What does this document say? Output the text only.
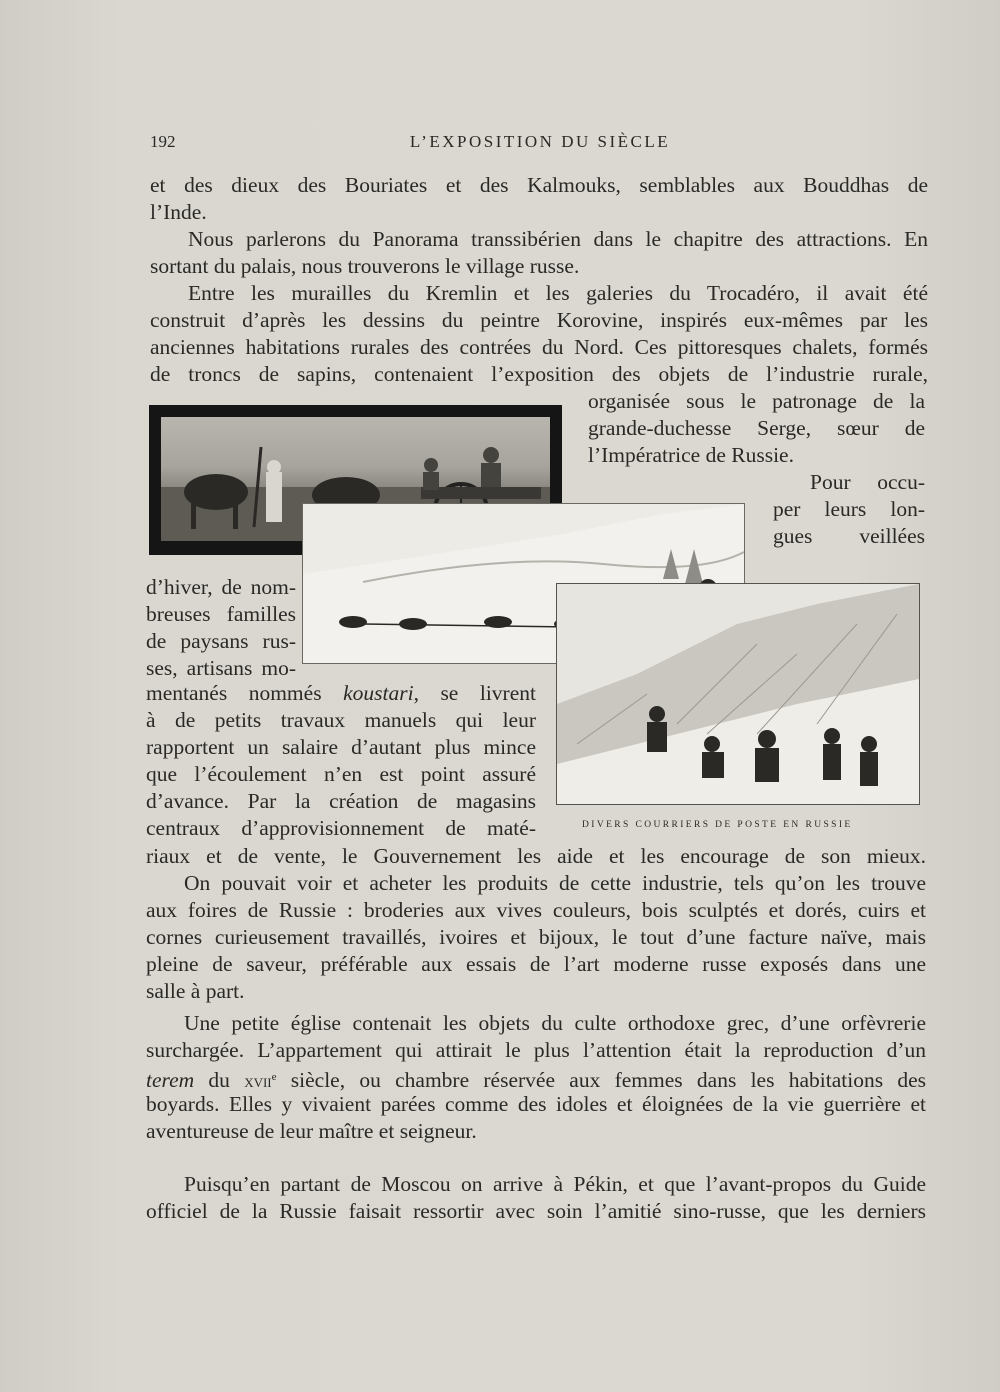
192	L’EXPOSITION DU SIÈCLE
et des dieux des Bouriates et des Kalmouks, semblables aux Bouddhas de
l’Inde.
Nous parlerons du Panorama transsibérien dans le chapitre des attractions. En
sortant du palais, nous trouverons le village russe.
Entre les murailles du Kremlin et les galeries du Trocadéro, il avait été
construit d’après les dessins du peintre Korovine, inspirés eux-mêmes par les
anciennes habitations rurales des contrées du Nord. Ces pittoresques chalets, formés
de troncs de sapins, contenaient l’exposition des objets de l’industrie rurale,
organisée sous le patronage de la
grande-duchesse Serge, sœur de
l’Impératrice de Russie.
Pour occu-
per leurs lon-
gues veillées
d’hiver, de nom-
breuses familles
de paysans rus-
ses, artisans mo-
mentanés nommés koustari, se livrent
à de petits travaux manuels qui leur
rapportent un salaire d’autant plus mince
que l’écoulement n’en est point assuré
d’avance. Par la création de magasins
centraux d’approvisionnement de maté-
riaux et de vente, le Gouvernement les aide et les encourage de son mieux.
On pouvait voir et acheter les produits de cette industrie, tels qu’on les trouve
aux foires de Russie : broderies aux vives couleurs, bois sculptés et dorés, cuirs et
cornes curieusement travaillés, ivoires et bijoux, le tout d’une facture naïve, mais
pleine de saveur, préférable aux essais de l’art moderne russe exposés dans une
salle à part.
Une petite église contenait les objets du culte orthodoxe grec, d’une orfèvrerie
surchargée. L’appartement qui attirait le plus l’attention était la reproduction d’un
terem du xvii$^e$ siècle, ou chambre réservée aux femmes dans les habitations des
boyards. Elles y vivaient parées comme des idoles et éloignées de la vie guerrière et
aventureuse de leur maître et seigneur.
Puisqu’en partant de Moscou on arrive à Pékin, et que l’avant-propos du Guide
officiel de la Russie faisait ressortir avec soin l’amitié sino-russe, que les derniers
DIVERS COURRIERS DE POSTE EN RUSSIE
